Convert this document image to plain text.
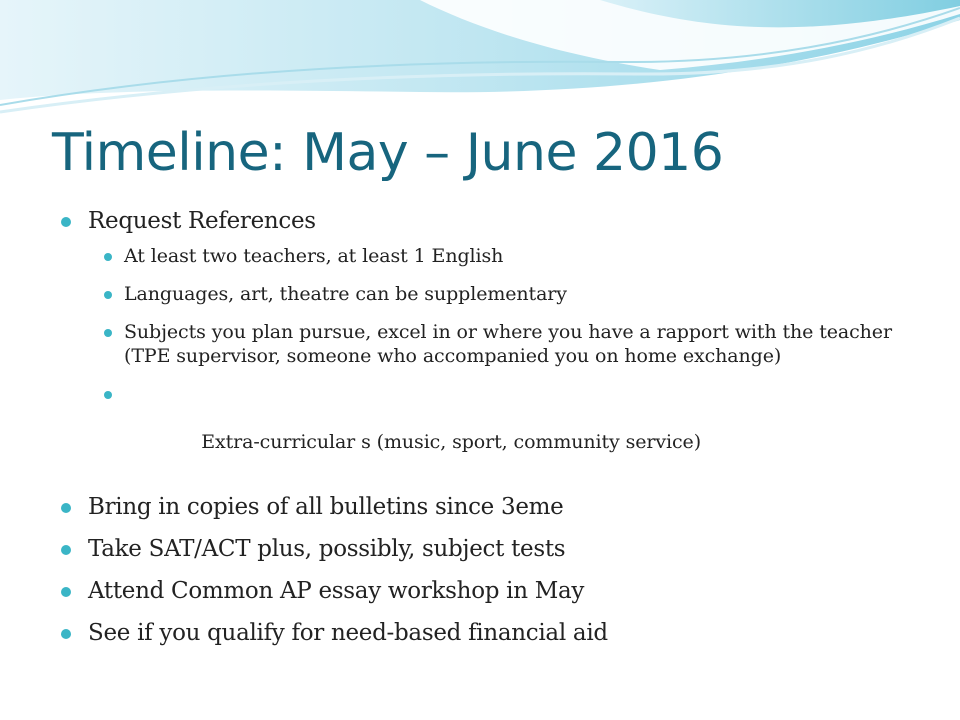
Timeline: May – June 2016
Request References
At least two teachers, at least 1 English
Languages, art, theatre can be supplementary
Subjects you plan pursue, excel in or where you have a rapport with the teacher (TPE supervisor, someone who accompanied you on home exchange)

Extra-curricular s (music, sport, community service)

Bring in copies of all bulletins since 3eme
Take SAT/ACT plus, possibly, subject tests
Attend Common AP essay workshop in May
See if you qualify for need-based financial aid
